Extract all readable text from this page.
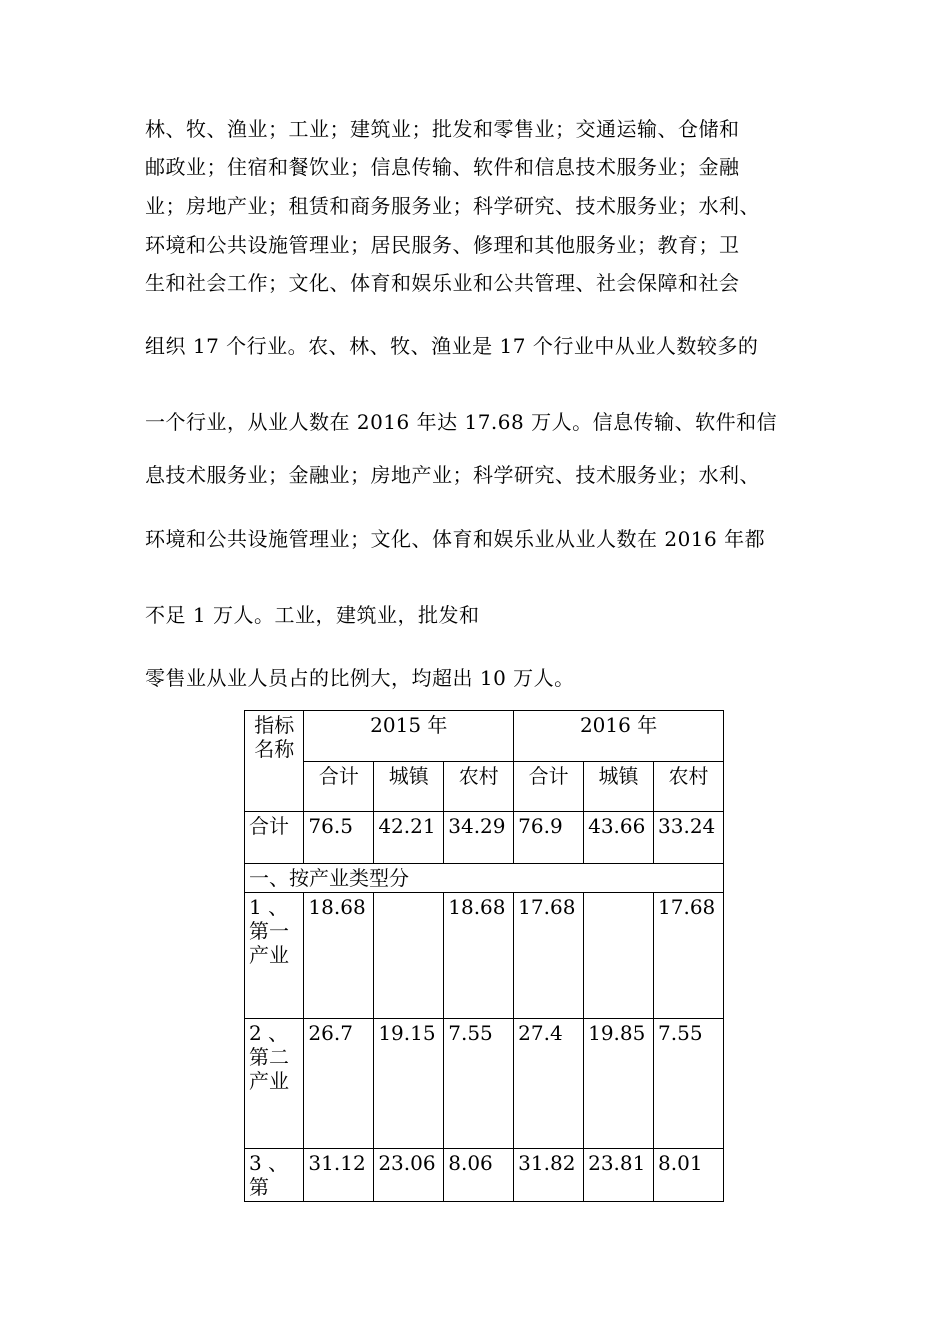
林、牧、渔业；工业；建筑业；批发和零售业；交通运输、仓储和
邮政业；住宿和餐饮业；信息传输、软件和信息技术服务业；金融
业；房地产业；租赁和商务服务业；科学研究、技术服务业；水利、
环境和公共设施管理业；居民服务、修理和其他服务业；教育；卫
生和社会工作；文化、体育和娱乐业和公共管理、社会保障和社会
组织 17 个行业。农、林、牧、渔业是 17 个行业中从业人数较多的
一个行业，从业人数在 2016 年达 17.68 万人。信息传输、软件和信
息技术服务业；金融业；房地产业；科学研究、技术服务业；水利、
环境和公共设施管理业；文化、体育和娱乐业从业人数在 2016 年都
不足 1 万人。工业，建筑业，批发和
零售业从业人员占的比例大，均超出 10 万人。
指标名称	2015 年			2016 年		
	合计	城镇	农村	合计	城镇	农村
合计	76.5	42.21	34.29	76.9	43.66	33.24
一、按产业类型分						
1 、第一产业	18.68		18.68	17.68		17.68
2 、第二产业	26.7	19.15	7.55	27.4	19.85	7.55
3 、第	31.12	23.06	8.06	31.82	23.81	8.01
